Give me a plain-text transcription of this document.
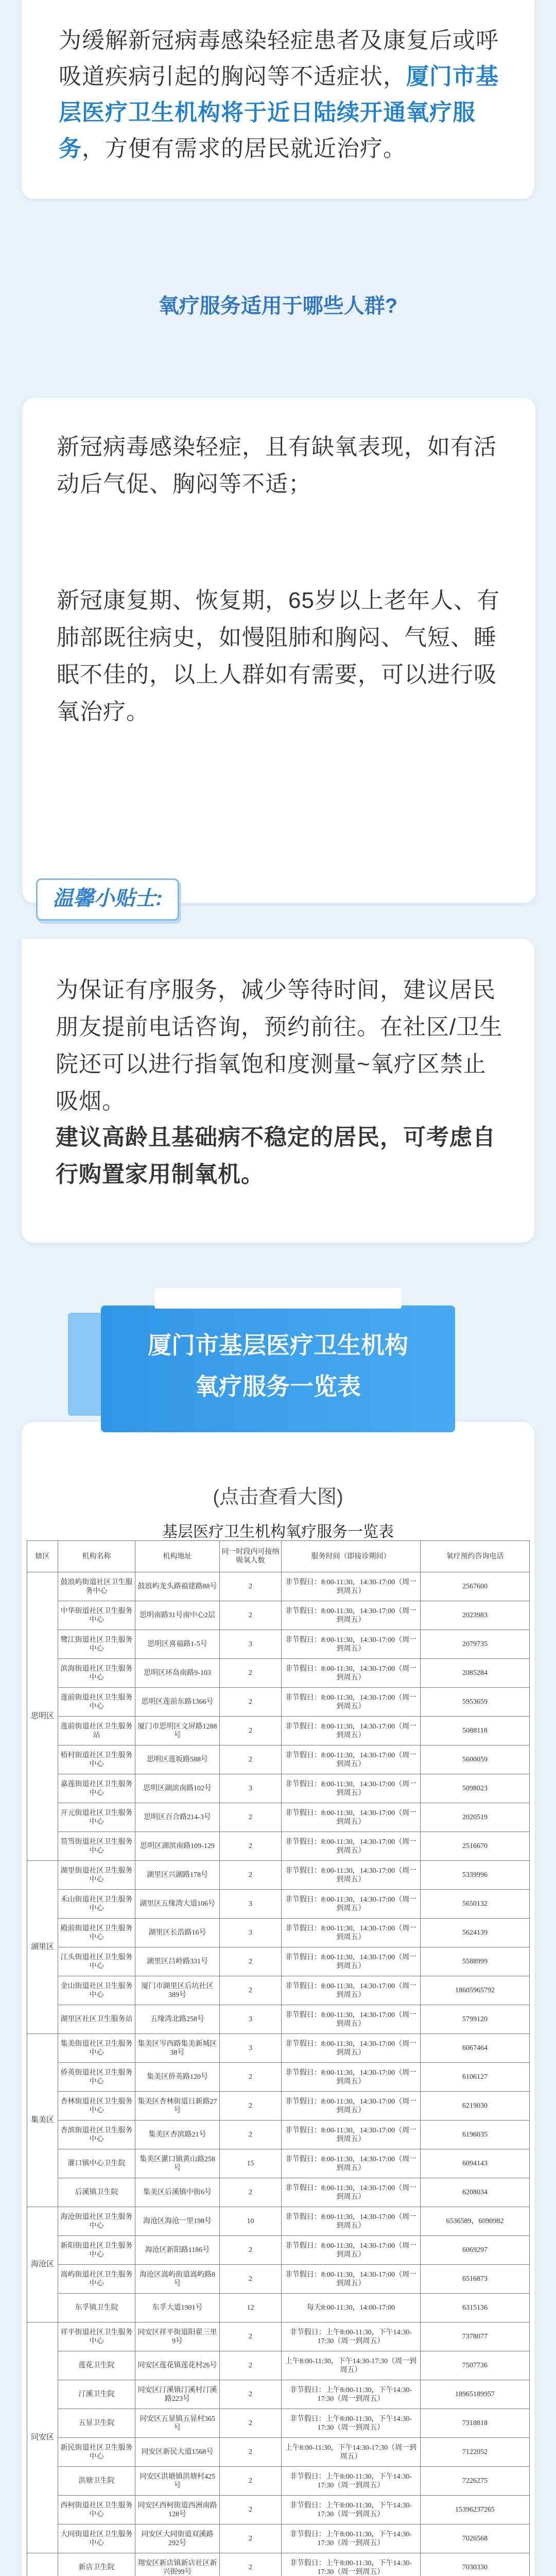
为缓解新冠病毒感染轻症患者及康复后或呼吸道疾病引起的胸闷等不适症状，厦门市基层医疗卫生机构将于近日陆续开通氧疗服务，方便有需求的居民就近治疗。
氧疗服务适用于哪些人群?
新冠病毒感染轻症，且有缺氧表现，如有活动后气促、胸闷等不适；
新冠康复期、恢复期，65岁以上老年人、有肺部既往病史，如慢阻肺和胸闷、气短、睡眠不佳的，以上人群如有需要，可以进行吸氧治疗。
为保证有序服务，减少等待时间，建议居民朋友提前电话咨询，预约前往。在社区/卫生院还可以进行指氧饱和度测量~氧疗区禁止吸烟。
建议高龄且基础病不稳定的居民，可考虑自行购置家用制氧机。
温馨小贴士:
厦门市基层医疗卫生机构
氧疗服务一览表
(点击查看大图)
基层医疗卫生机构氧疗服务一览表
辖区	机构名称	机构地址	同一时段内可接纳吸氧人数	服务时间（即接诊期间）	氧疗预约咨询电话
思明区	鼓浪屿街道社区卫生服务中心	鼓浪屿龙头路福建路88号	2	非节假日：8:00-11:30，14:30-17:00（周一到周五）	2567600
	中华街道社区卫生服务中心	思明南路31号南中心2层	2	非节假日：8:00-11:30，14:30-17:00（周一到周五）	2023983
	鹭江街道社区卫生服务中心	思明区喜福路1-5号	3	非节假日：8:00-11:30，14:30-17:00（周一到周五）	2079735
	滨海街道社区卫生服务中心	思明区环岛南路9-103	2	非节假日：8:00-11:30，14:30-17:00（周一到周五）	2085284
	莲前街道社区卫生服务中心	思明区莲前东路1366号	2	非节假日：8:00-11:30，14:30-17:00（周一到周五）	5953659
	莲前街道社区卫生服务站	厦门市思明区文屏路1288号	2	非节假日：8:00-11:30，14:30-17:00（周一到周五）	5088118
	梧村街道社区卫生服务中心	思明区莲坂路588号	2	非节假日：8:00-11:30，14:30-17:00（周一到周五）	5600059
	嘉莲街道社区卫生服务中心	思明区湖滨南路102号	3	非节假日：8:00-11:30，14:30-17:00（周一到周五）	5098023
	开元街道社区卫生服务中心	思明区百合路214-3号	2	非节假日：8:00-11:30，14:30-17:00（周一到周五）	2020519
	筼筜街道社区卫生服务中心	思明区湖滨南路109-129	2	非节假日：8:00-11:30，14:30-17:00（周一到周五）	2516670
湖里区	湖里街道社区卫生服务中心	湖里区兴湖路178号	2	非节假日：8:00-11:30，14:30-17:00（周一到周五）	5339996
	禾山街道社区卫生服务中心	湖里区五缘湾大道106号	3	非节假日：8:00-11:30，14:30-17:00（周一到周五）	5650132
	殿前街道社区卫生服务中心	湖里区长浩路16号	3	非节假日：8:00-11:30，14:30-17:00（周一到周五）	5624139
	江头街道社区卫生服务中心	湖里区吕岭路331号	2	非节假日：8:00-11:30，14:30-17:00（周一到周五）	5588999
	金山街道社区卫生服务中心	厦门市湖里区后坑社区389号	2	非节假日：8:00-11:30，14:30-17:00（周一到周五）	18605965792
	湖里区社区卫生服务站	五缘湾北路258号	3	非节假日：8:00-11:30，14:30-17:00（周一到周五）	5799120
集美区	集美街道社区卫生服务中心	集美区岑西路集美新城区38号	3	非节假日：8:00-11:30，14:30-17:00（周一到周五）	6067464
	侨英街道社区卫生服务中心	集美区侨英路120号	2	非节假日：8:00-11:30，14:30-17:00（周一到周五）	6106127
	杏林街道社区卫生服务中心	集美区杏林街道日新路27号	2	非节假日：8:00-11:30，14:30-17:00（周一到周五）	6219030
	杏滨街道社区卫生服务中心	集美区杏滨路21号	2	非节假日：8:00-11:30，14:30-17:00（周一到周五）	6196035
	灌口镇中心卫生院	集美区灌口镇黄山路258号	15	非节假日：8:00-11:30，14:30-17:00（周一到周五）	6094143
	后溪镇卫生院	集美区后溪镇中街6号	2	非节假日：8:00-11:30，14:30-17:00（周一到周五）	6208034
海沧区	海沧街道社区卫生服务中心	海沧区海沧一里198号	10	非节假日：8:00-11:30，14:30-17:00（周一到周五）	6536589，6090982
	新阳街道社区卫生服务中心	海沧区新阳路1186号	2	非节假日：8:00-11:30，14:30-17:00（周一到周五）	6069297
	嵩屿街道社区卫生服务中心	海沧区嵩屿街道嵩屿路8号	2	非节假日：8:00-11:30，14:30-17:00（周一到周五）	6516873
	东孚镇卫生院	东孚大道1901号	12	每天8:00-11:30，14:00-17:00	6315136
同安区	祥平街道社区卫生服务中心	同安区祥平街道阳翟三里9号	2	非节假日：上午8:00-11:30，下午14:30-17:30（周一到周五）	7378077
	莲花卫生院	同安区莲花镇莲花村26号	2	上午8:00-11:30，下午14:30-17:30（周一到周五）	7507736
	汀溪卫生院	同安区汀溪镇汀溪村汀溪路223号	2	非节假日：上午8:00-11:30，下午14:30-17:30（周一到周五）	18965189957
	五显卫生院	同安区五显镇五显村365号	2	非节假日：上午8:00-11:30，下午14:30-17:30（周一到周五）	7318818
	新民街道社区卫生服务中心	同安区新民大道1568号	2	上午8:00-11:30，下午14:30-17:30（周一到周五）	7122052
	洪塘卫生院	同安区洪塘镇洪塘村425号	2	非节假日：上午8:00-11:30，下午14:30-17:30（周一到周五）	7226275
	西柯街道社区卫生服务中心	同安区西柯街道西洲南路128号	2	非节假日：上午8:00-11:30，下午14:30-17:30（周一到周五）	15396237265
	大同街道社区卫生服务中心	同安区大同街道双溪路292号	2	非节假日：上午8:00-11:30，下午14:30-17:30（周一到周五）	7026568
	新店卫生院	翔安区新店镇新店社区新兴街99号	2	非节假日：上午8:00-11:30，下午14:30-17:30（周一到周五）	7030330
